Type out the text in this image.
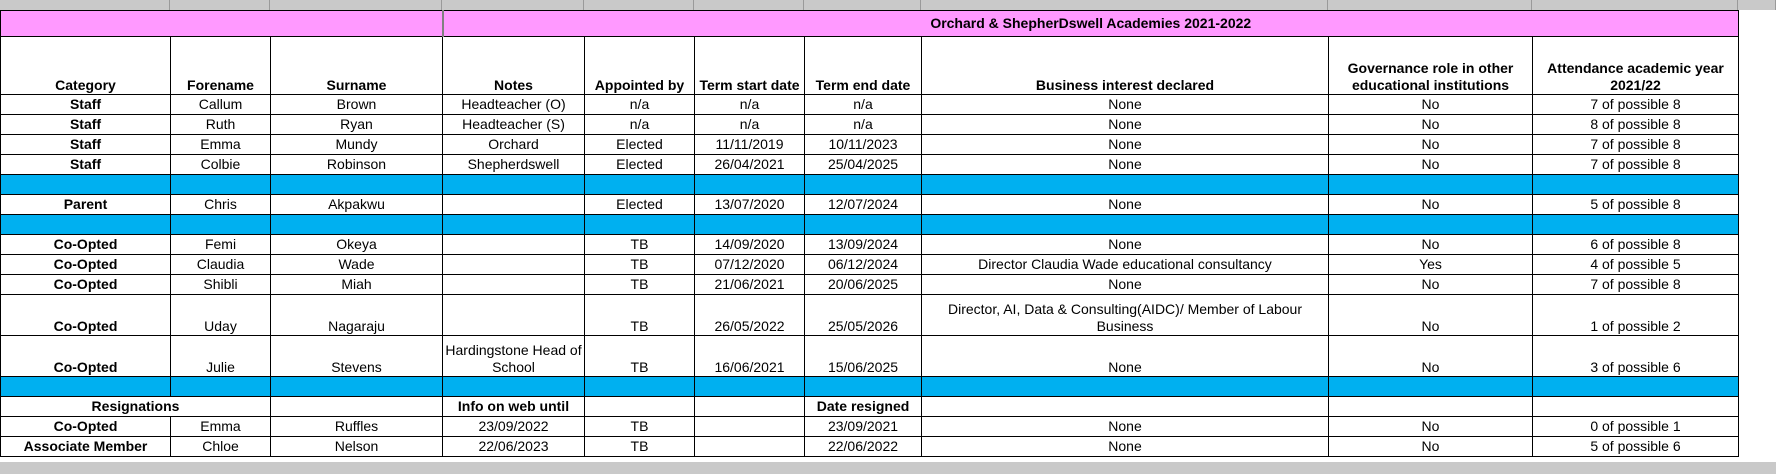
			Orchard & ShepherDswell Academies 2021-2022						
Category	Forename	Surname	Notes	Appointed by	Term start date	Term end date	Business interest declared	Governance role in other educational institutions	Attendance academic year 2021/22
Staff	Callum	Brown	Headteacher (O)	n/a	n/a	n/a	None	No	7 of possible 8
Staff	Ruth	Ryan	Headteacher (S)	n/a	n/a	n/a	None	No	8 of possible 8
Staff	Emma	Mundy	Orchard	Elected	11/11/2019	10/11/2023	None	No	7 of possible 8
Staff	Colbie	Robinson	Shepherdswell	Elected	26/04/2021	25/04/2025	None	No	7 of possible 8

Parent	Chris	Akpakwu		Elected	13/07/2020	12/07/2024	None	No	5 of possible 8

Co-Opted	Femi	Okeya		TB	14/09/2020	13/09/2024	None	No	6 of possible 8
Co-Opted	Claudia	Wade		TB	07/12/2020	06/12/2024	Director Claudia Wade educational consultancy	Yes	4 of possible 5
Co-Opted	Shibli	Miah		TB	21/06/2021	20/06/2025	None	No	7 of possible 8
Co-Opted	Uday	Nagaraju		TB	26/05/2022	25/05/2026	Director, AI, Data & Consulting(AIDC)/ Member of Labour Business	No	1 of possible 2
Co-Opted	Julie	Stevens	Hardingstone Head of School	TB	16/06/2021	15/06/2025	None	No	3 of possible 6

Resignations			Info on web until			Date resigned			
Co-Opted	Emma	Ruffles	23/09/2022	TB		23/09/2021	None	No	0 of possible 1
Associate Member	Chloe	Nelson	22/06/2023	TB		22/06/2022	None	No	5 of possible 6
